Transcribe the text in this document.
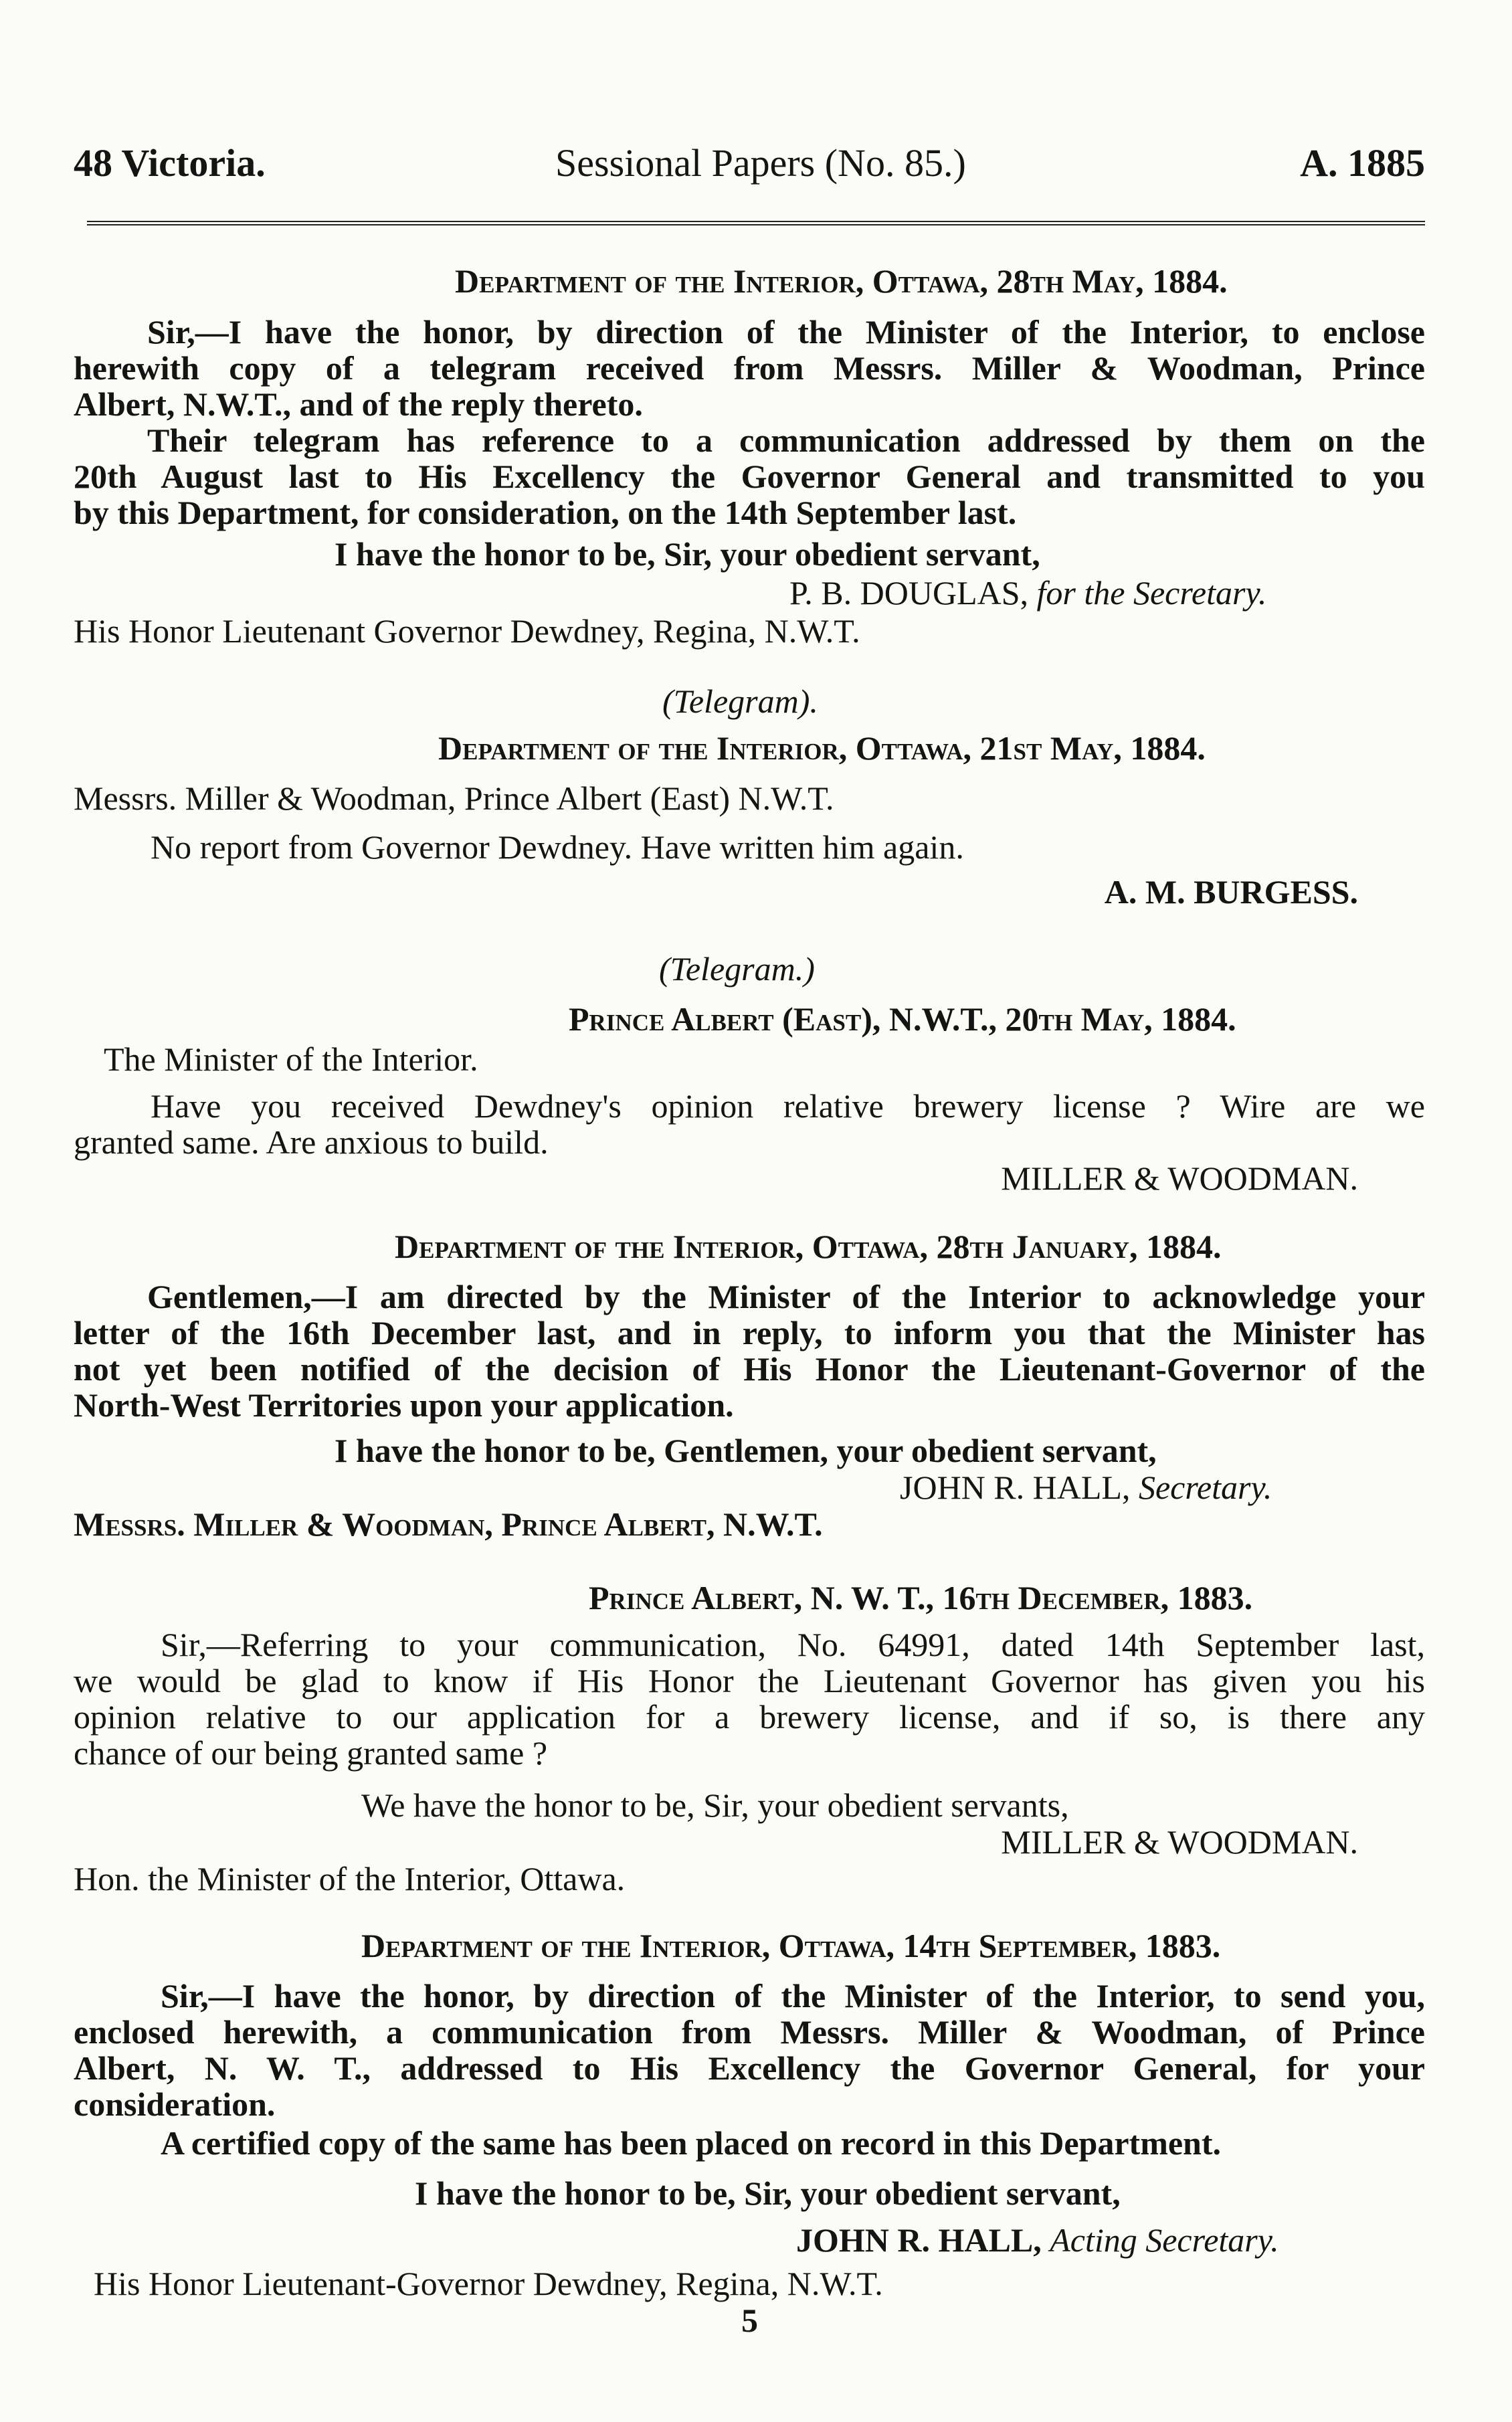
48 Victoria.	Sessional Papers (No. 85.)	A. 1885
Department of the Interior, Ottawa, 28th May, 1884.
Sir,—I have the honor, by direction of the Minister of the Interior, to enclose
herewith copy of a telegram received from Messrs. Miller & Woodman, Prince
Albert, N.W.T., and of the reply thereto.
Their telegram has reference to a communication addressed by them on the
20th August last to His Excellency the Governor General and transmitted to you
by this Department, for consideration, on the 14th September last.
I have the honor to be, Sir, your obedient servant,
P. B. DOUGLAS, for the Secretary.
His Honor Lieutenant Governor Dewdney, Regina, N.W.T.
(Telegram).
Department of the Interior, Ottawa, 21st May, 1884.
Messrs. Miller & Woodman, Prince Albert (East) N.W.T.
No report from Governor Dewdney. Have written him again.
A. M. BURGESS.
(Telegram.)
Prince Albert (East), N.W.T., 20th May, 1884.
The Minister of the Interior.
Have you received Dewdney's opinion relative brewery license ? Wire are we
granted same. Are anxious to build.
MILLER & WOODMAN.
Department of the Interior, Ottawa, 28th January, 1884.
Gentlemen,—I am directed by the Minister of the Interior to acknowledge your
letter of the 16th December last, and in reply, to inform you that the Minister has
not yet been notified of the decision of His Honor the Lieutenant-Governor of the
North-West Territories upon your application.
I have the honor to be, Gentlemen, your obedient servant,
JOHN R. HALL, Secretary.
Messrs. Miller & Woodman, Prince Albert, N.W.T.
Prince Albert, N. W. T., 16th December, 1883.
Sir,—Referring to your communication, No. 64991, dated 14th September last,
we would be glad to know if His Honor the Lieutenant Governor has given you his
opinion relative to our application for a brewery license, and if so, is there any
chance of our being granted same ?
We have the honor to be, Sir, your obedient servants,
MILLER & WOODMAN.
Hon. the Minister of the Interior, Ottawa.
Department of the Interior, Ottawa, 14th September, 1883.
Sir,—I have the honor, by direction of the Minister of the Interior, to send you,
enclosed herewith, a communication from Messrs. Miller & Woodman, of Prince
Albert, N. W. T., addressed to His Excellency the Governor General, for your
consideration.
A certified copy of the same has been placed on record in this Department.
I have the honor to be, Sir, your obedient servant,
JOHN R. HALL, Acting Secretary.
His Honor Lieutenant-Governor Dewdney, Regina, N.W.T.
5
